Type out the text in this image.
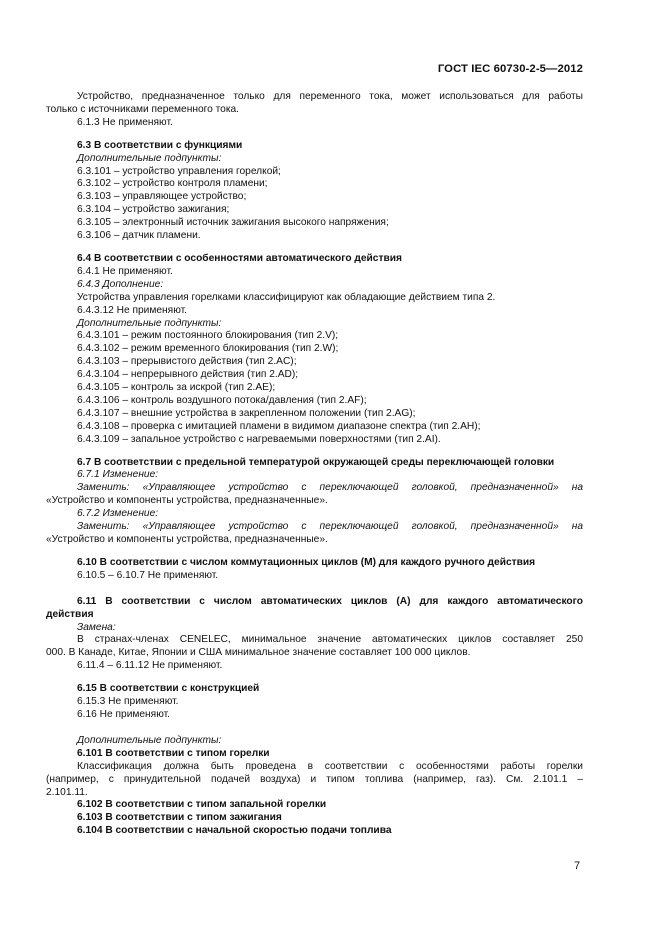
ГОСТ IEC 60730-2-5—2012

Устройство, предназначенное только для переменного тока, может использоваться для работы

только с источниками переменного тока.

6.1.3 Не применяют.

6.3 В соответствии с функциями

Дополнительные подпункты:

6.3.101 – устройство управления горелкой;

6.3.102 – устройство контроля пламени;

6.3.103 – управляющее устройство;

6.3.104 – устройство зажигания;

6.3.105 – электронный источник зажигания высокого напряжения;

6.3.106 – датчик пламени.

6.4 В соответствии с особенностями автоматического действия

6.4.1 Не применяют.

6.4.3 Дополнение:

Устройства управления горелками классифицируют как обладающие действием типа 2.

6.4.3.12 Не применяют.

Дополнительные подпункты:

6.4.3.101 – режим постоянного блокирования (тип 2.V);

6.4.3.102 – режим временного блокирования (тип 2.W);

6.4.3.103 – прерывистого действия (тип 2.AC);

6.4.3.104 – непрерывного действия (тип 2.AD);

6.4.3.105 – контроль за искрой (тип 2.AE);

6.4.3.106 – контроль воздушного потока/давления (тип 2.AF);

6.4.3.107 – внешние устройства в закрепленном положении (тип 2.AG);

6.4.3.108 – проверка с имитацией пламени в видимом диапазоне спектра (тип 2.AH);

6.4.3.109 – запальное устройство с нагреваемыми поверхностями (тип 2.AI).

6.7 В соответствии с предельной температурой окружающей среды переключающей головки

6.7.1 Изменение:

Заменить: «Управляющее устройство с переключающей головкой, предназначенной» на

«Устройство и компоненты устройства, предназначенные».

6.7.2 Изменение:

Заменить: «Управляющее устройство с переключающей головкой, предназначенной» на

«Устройство и компоненты устройства, предназначенные».

6.10 В соответствии с числом коммутационных циклов (M) для каждого ручного действия

6.10.5 – 6.10.7 Не применяют.

6.11 В соответствии с числом автоматических циклов (A) для каждого автоматического

действия

Замена:

В странах-членах CENELEC, минимальное значение автоматических циклов составляет 250

000. В Канаде, Китае, Японии и США минимальное значение составляет 100 000 циклов.

6.11.4 – 6.11.12 Не применяют.

6.15 В соответствии с конструкцией

6.15.3 Не применяют.

6.16 Не применяют.

Дополнительные подпункты:

6.101 В соответствии с типом горелки

Классификация должна быть проведена в соответствии с особенностями работы горелки

(например, с принудительной подачей воздуха) и типом топлива (например, газ). См. 2.101.1 –

2.101.11.

6.102 В соответствии с типом запальной горелки

6.103 В соответствии с типом зажигания

6.104 В соответствии с начальной скоростью подачи топлива

7
